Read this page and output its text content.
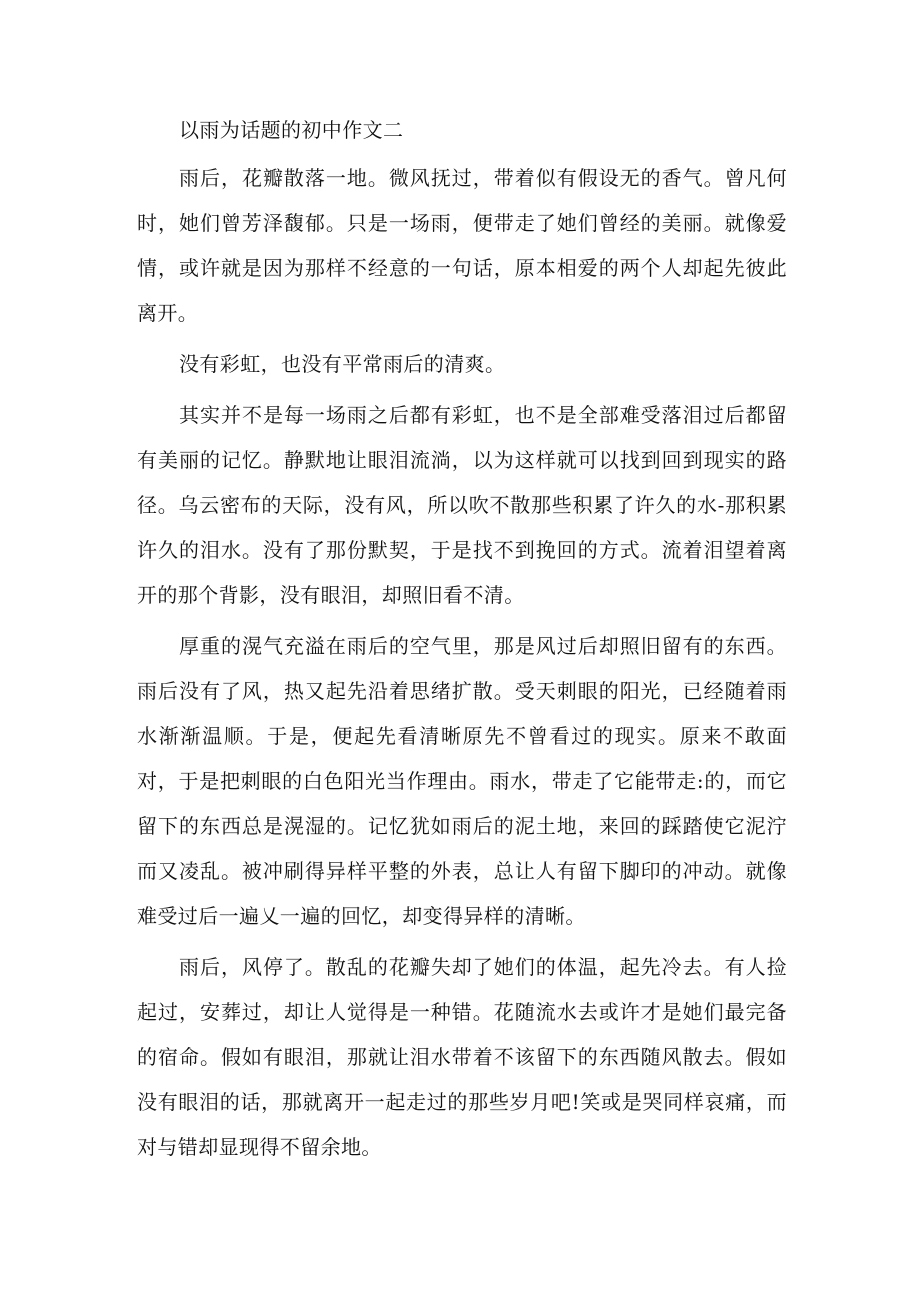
以雨为话题的初中作文二

雨后，花瓣散落一地。微风抚过，带着似有假设无的香气。曾凡何时，她们曾芳泽馥郁。只是一场雨，便带走了她们曾经的美丽。就像爱情，或许就是因为那样不经意的一句话，原本相爱的两个人却起先彼此离开。

没有彩虹，也没有平常雨后的清爽。

其实并不是每一场雨之后都有彩虹，也不是全部难受落泪过后都留有美丽的记忆。静默地让眼泪流淌，以为这样就可以找到回到现实的路径。乌云密布的天际，没有风，所以吹不散那些积累了许久的水-那积累许久的泪水。没有了那份默契，于是找不到挽回的方式。流着泪望着离开的那个背影，没有眼泪，却照旧看不清。

厚重的滉气充溢在雨后的空气里，那是风过后却照旧留有的东西。雨后没有了风，热又起先沿着思绪扩散。受天刺眼的阳光，已经随着雨水渐渐温顺。于是，便起先看清晰原先不曾看过的现实。原来不敢面对，于是把刺眼的白色阳光当作理由。雨水，带走了它能带走:的，而它留下的东西总是滉湿的。记忆犹如雨后的泥土地，来回的踩踏使它泥泞而又凌乱。被冲刷得异样平整的外表，总让人有留下脚印的冲动。就像难受过后一遍乂一遍的回忆，却变得异样的清晰。

雨后，风停了。散乱的花瓣失却了她们的体温，起先冷去。有人捡起过，安葬过，却让人觉得是一种错。花随流水去或许才是她们最完备的宿命。假如有眼泪，那就让泪水带着不该留下的东西随风散去。假如没有眼泪的话，那就离开一起走过的那些岁月吧!笑或是哭同样哀痛，而对与错却显现得不留余地。
